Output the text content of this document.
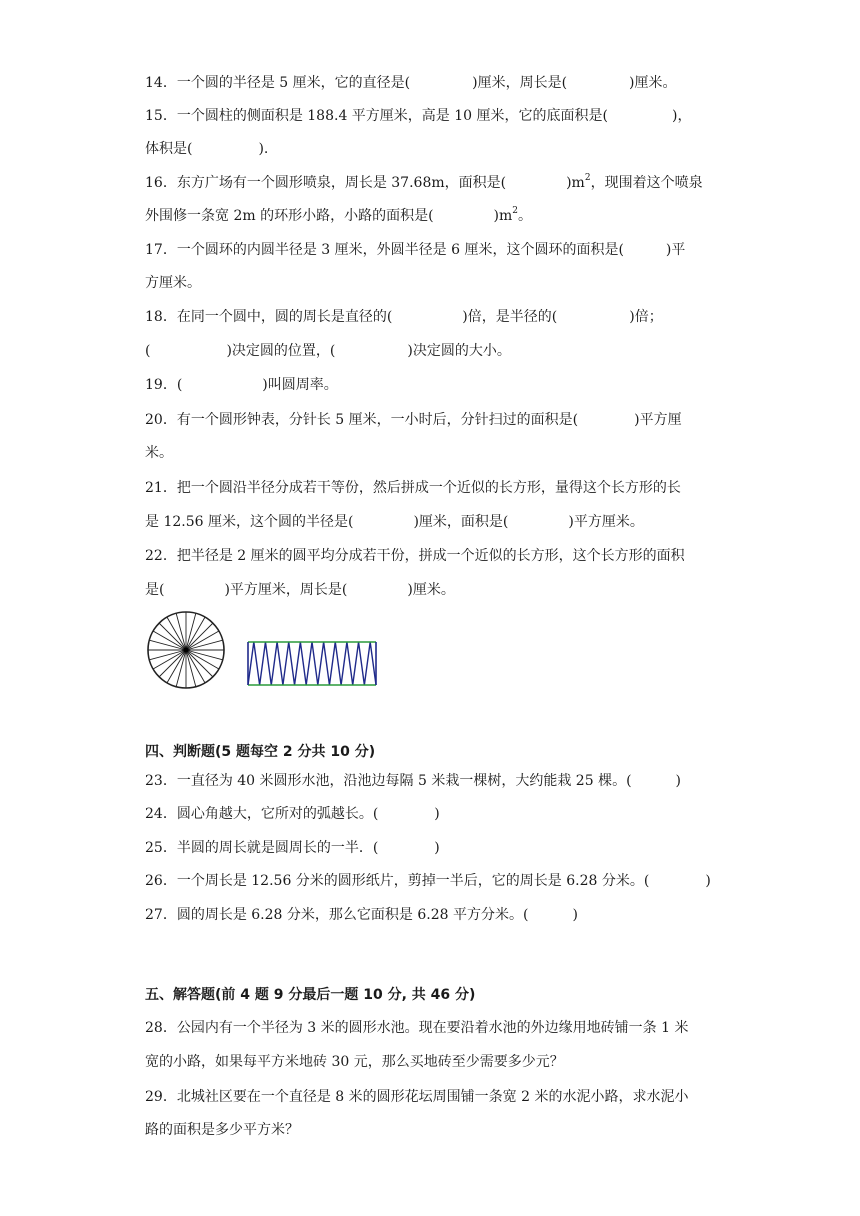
14．一个圆的半径是 5 厘米，它的直径是(	)厘米，周长是(	)厘米。
15．一个圆柱的侧面积是 188.4 平方厘米，高是 10 厘米，它的底面积是(	)，
体积是(	).
16．东方广场有一个圆形喷泉，周长是 37.68m，面积是(	)$m^2$，现围着这个喷泉
外围修一条宽 2m 的环形小路，小路的面积是(	)$m^2$。
17．一个圆环的内圆半径是 3 厘米，外圆半径是 6 厘米，这个圆环的面积是(	)平
方厘米。
18．在同一个圆中，圆的周长是直径的(	)倍，是半径的(	)倍；
(	)决定圆的位置，(	)决定圆的大小。
19．(	)叫圆周率。
20．有一个圆形钟表，分针长 5 厘米，一小时后，分针扫过的面积是(	)平方厘
米。
21．把一个圆沿半径分成若干等份，然后拼成一个近似的长方形，量得这个长方形的长
是 12.56 厘米，这个圆的半径是(	)厘米，面积是(	)平方厘米。
22．把半径是 2 厘米的圆平均分成若干份，拼成一个近似的长方形，这个长方形的面积
是(	)平方厘米，周长是(	)厘米。
四、判断题(5 题每空 2 分共 10 分)
23．一直径为 40 米圆形水池，沿池边每隔 5 米栽一棵树，大约能栽 25 棵。(	)
24．圆心角越大，它所对的弧越长。(	)
25．半圆的周长就是圆周长的一半．(	)
26．一个周长是 12.56 分米的圆形纸片，剪掉一半后，它的周长是 6.28 分米。(	)
27．圆的周长是 6.28 分米，那么它面积是 6.28 平方分米。(	)
五、解答题(前 4 题 9 分最后一题 10 分, 共 46 分)
28．公园内有一个半径为 3 米的圆形水池。现在要沿着水池的外边缘用地砖铺一条 1 米
宽的小路，如果每平方米地砖 30 元，那么买地砖至少需要多少元？
29．北城社区要在一个直径是 8 米的圆形花坛周围铺一条宽 2 米的水泥小路，求水泥小
路的面积是多少平方米？
